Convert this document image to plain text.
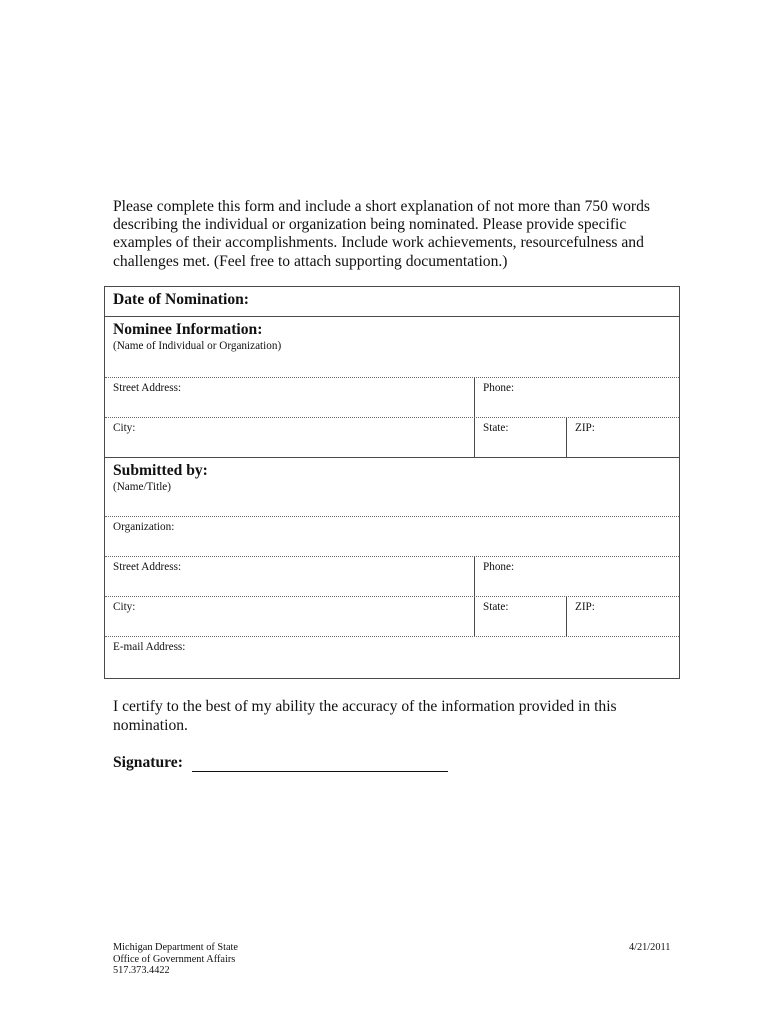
Please complete this form and include a short explanation of not more than 750 words
describing the individual or organization being nominated. Please provide specific
examples of their accomplishments. Include work achievements, resourcefulness and
challenges met. (Feel free to attach supporting documentation.)
Date of Nomination:
Nominee Information:
(Name of Individual or Organization)
Street Address:	Phone:
City:	State:	ZIP:
Submitted by:
(Name/Title)
Organization:
Street Address:	Phone:
City:	State:	ZIP:
E-mail Address:
I certify to the best of my ability the accuracy of the information provided in this
nomination.
Signature:
Michigan Department of State
Office of Government Affairs
517.373.4422
4/21/2011
